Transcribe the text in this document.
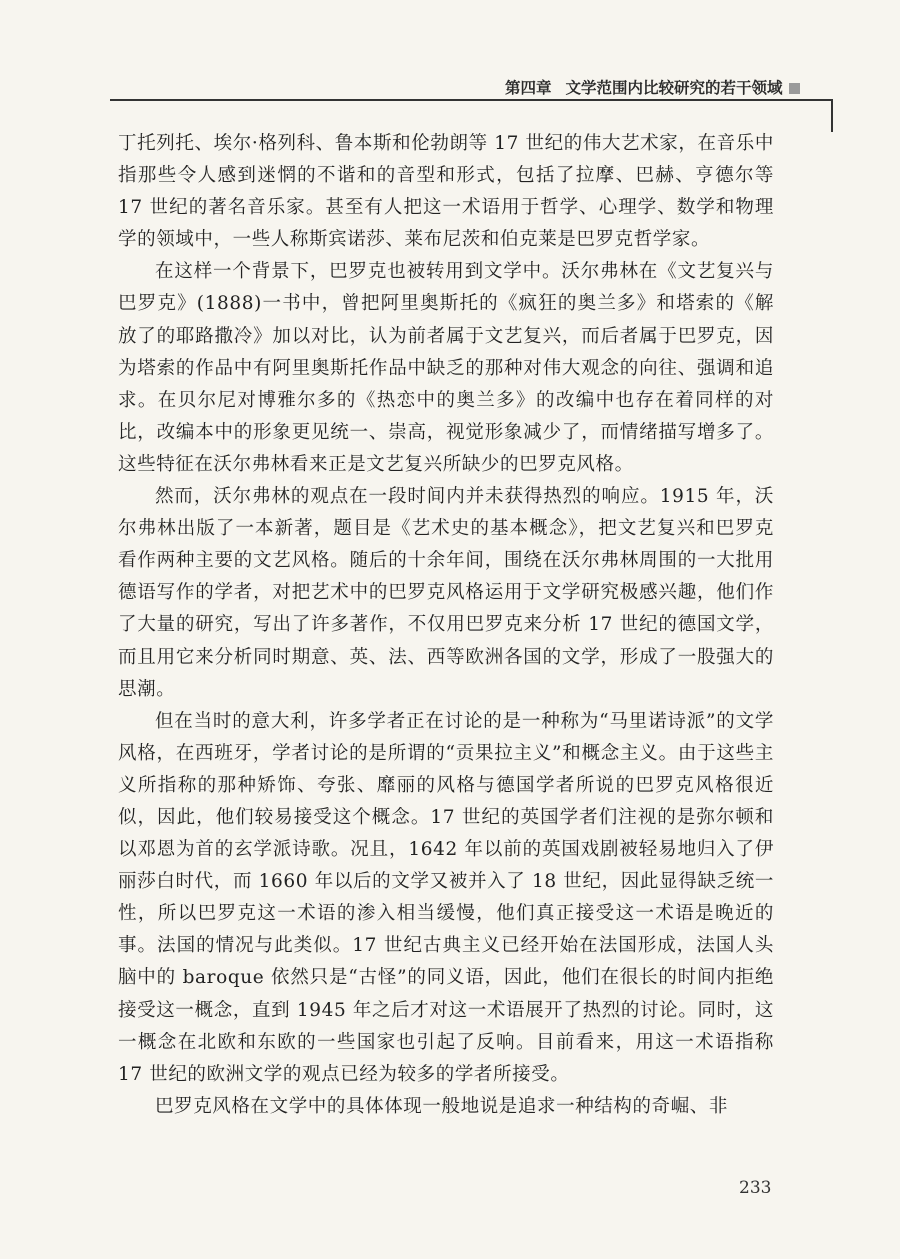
第四章 文学范围内比较研究的若干领域

丁托列托、埃尔·格列科、鲁本斯和伦勃朗等 17 世纪的伟大艺术家，在音乐中指那些令人感到迷惘的不谐和的音型和形式，包括了拉摩、巴赫、亨德尔等 17 世纪的著名音乐家。甚至有人把这一术语用于哲学、心理学、数学和物理学的领域中，一些人称斯宾诺莎、莱布尼茨和伯克莱是巴罗克哲学家。

在这样一个背景下，巴罗克也被转用到文学中。沃尔弗林在《文艺复兴与巴罗克》(1888)一书中，曾把阿里奥斯托的《疯狂的奥兰多》和塔索的《解放了的耶路撒冷》加以对比，认为前者属于文艺复兴，而后者属于巴罗克，因为塔索的作品中有阿里奥斯托作品中缺乏的那种对伟大观念的向往、强调和追求。在贝尔尼对博雅尔多的《热恋中的奥兰多》的改编中也存在着同样的对比，改编本中的形象更见统一、崇高，视觉形象减少了，而情绪描写增多了。这些特征在沃尔弗林看来正是文艺复兴所缺少的巴罗克风格。

然而，沃尔弗林的观点在一段时间内并未获得热烈的响应。1915 年，沃尔弗林出版了一本新著，题目是《艺术史的基本概念》，把文艺复兴和巴罗克看作两种主要的文艺风格。随后的十余年间，围绕在沃尔弗林周围的一大批用德语写作的学者，对把艺术中的巴罗克风格运用于文学研究极感兴趣，他们作了大量的研究，写出了许多著作，不仅用巴罗克来分析 17 世纪的德国文学，而且用它来分析同时期意、英、法、西等欧洲各国的文学，形成了一股强大的思潮。

但在当时的意大利，许多学者正在讨论的是一种称为“马里诺诗派”的文学风格，在西班牙，学者讨论的是所谓的“贡果拉主义”和概念主义。由于这些主义所指称的那种矫饰、夸张、靡丽的风格与德国学者所说的巴罗克风格很近似，因此，他们较易接受这个概念。17 世纪的英国学者们注视的是弥尔顿和以邓恩为首的玄学派诗歌。况且，1642 年以前的英国戏剧被轻易地归入了伊丽莎白时代，而 1660 年以后的文学又被并入了 18 世纪，因此显得缺乏统一性，所以巴罗克这一术语的渗入相当缓慢，他们真正接受这一术语是晚近的事。法国的情况与此类似。17 世纪古典主义已经开始在法国形成，法国人头脑中的 baroque 依然只是“古怪”的同义语，因此，他们在很长的时间内拒绝接受这一概念，直到 1945 年之后才对这一术语展开了热烈的讨论。同时，这一概念在北欧和东欧的一些国家也引起了反响。目前看来，用这一术语指称 17 世纪的欧洲文学的观点已经为较多的学者所接受。

巴罗克风格在文学中的具体体现一般地说是追求一种结构的奇崛、非

233
